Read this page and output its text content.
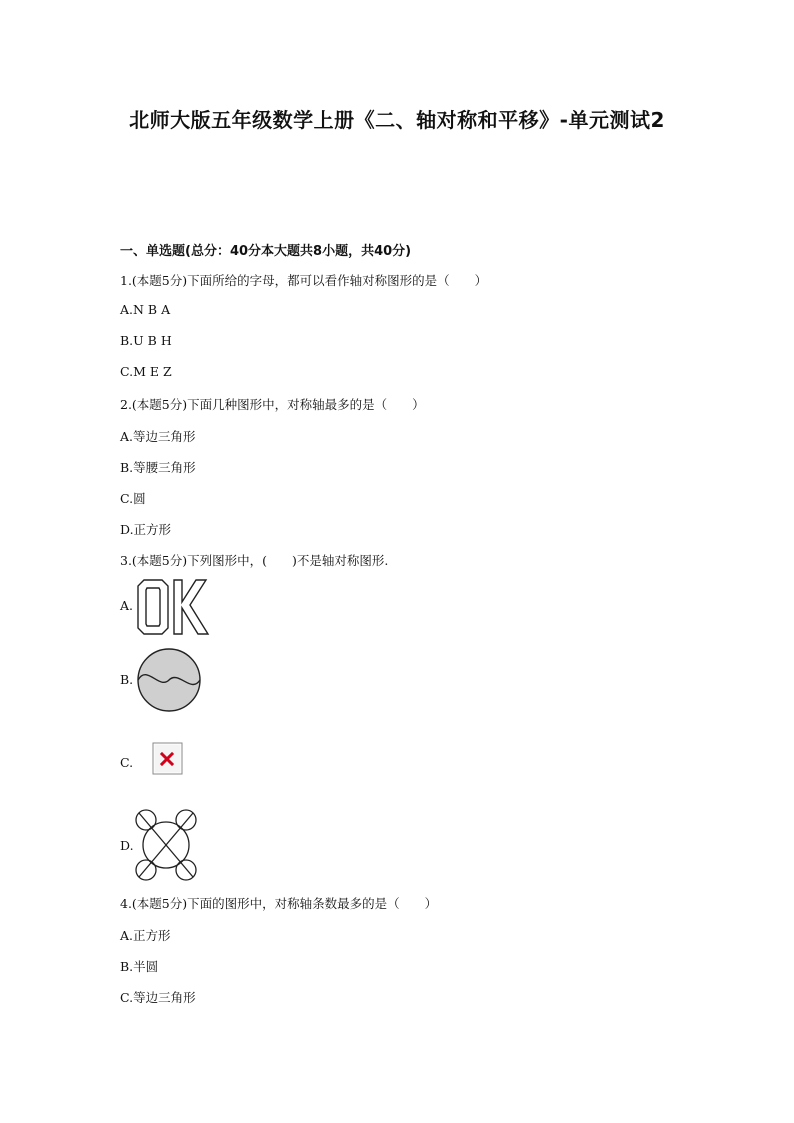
北师大版五年级数学上册《二、轴对称和平移》-单元测试2
一、单选题(总分：40分本大题共8小题，共40分)
1.(本题5分)下面所给的字母，都可以看作轴对称图形的是（　　）
A.N B A
B.U B H
C.M E Z
2.(本题5分)下面几种图形中，对称轴最多的是（　　）
A.等边三角形
B.等腰三角形
C.圆
D.正方形
3.(本题5分)下列图形中，(　　)不是轴对称图形.
A.
B.
C.
D.
4.(本题5分)下面的图形中，对称轴条数最多的是（　　）
A.正方形
B.半圆
C.等边三角形
